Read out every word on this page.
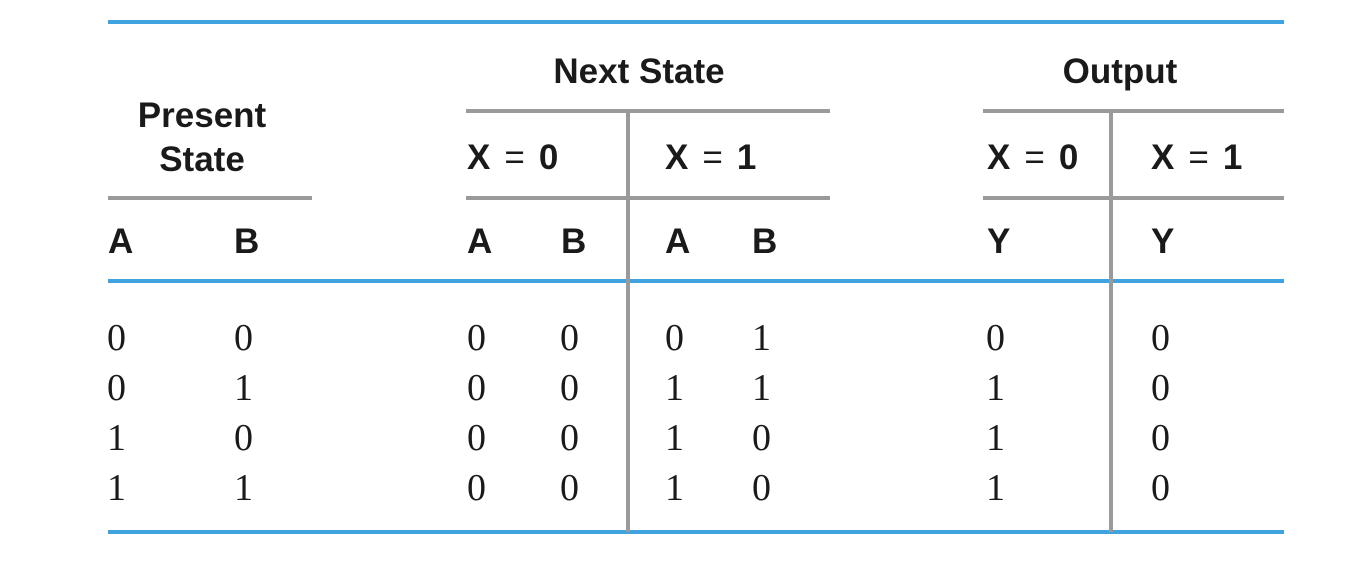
Present
State
Next State	Output
X = 0	X = 1	X = 0 X = 1
A	B	A B A B	Y	Y
0	0	0 0 0 1	0	0
0	1	0 0 1 1	1	0
1	0	0 0 1 0	1	0
1	1	0 0 1 0	1	0
